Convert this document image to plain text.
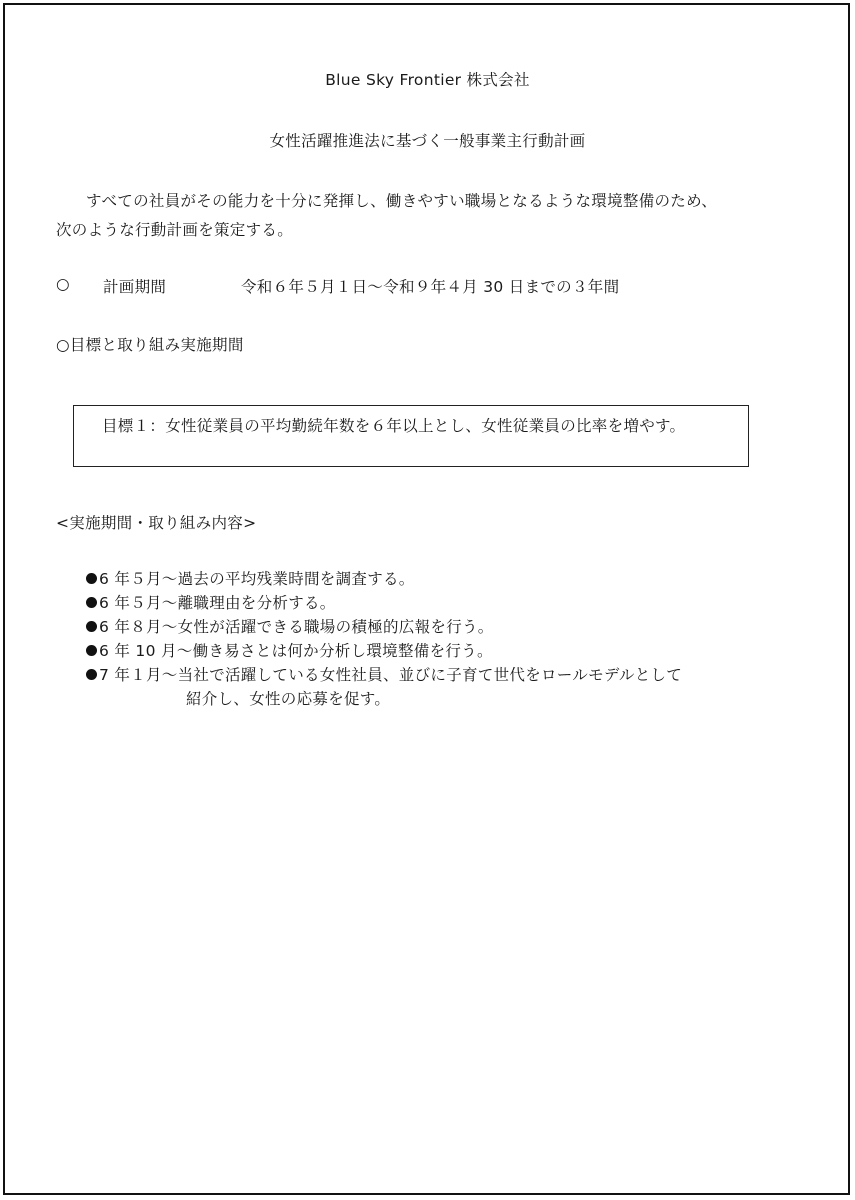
Blue Sky Frontier 株式会社
女性活躍推進法に基づく一般事業主行動計画
すべての社員がその能力を十分に発揮し、働きやすい職場となるような環境整備のため、
次のような行動計画を策定する。
○ 計画期間	令和６年５月１日～令和９年４月 30 日までの３年間
○目標と取り組み実施期間
目標１：女性従業員の平均勤続年数を６年以上とし、女性従業員の比率を増やす。
<実施期間・取り組み内容>
6 年５月～過去の平均残業時間を調査する。
6 年５月～離職理由を分析する。
6 年８月～女性が活躍できる職場の積極的広報を行う。
6 年 10 月～働き易さとは何か分析し環境整備を行う。
7 年１月～当社で活躍している女性社員、並びに子育て世代をロールモデルとして
紹介し、女性の応募を促す。
